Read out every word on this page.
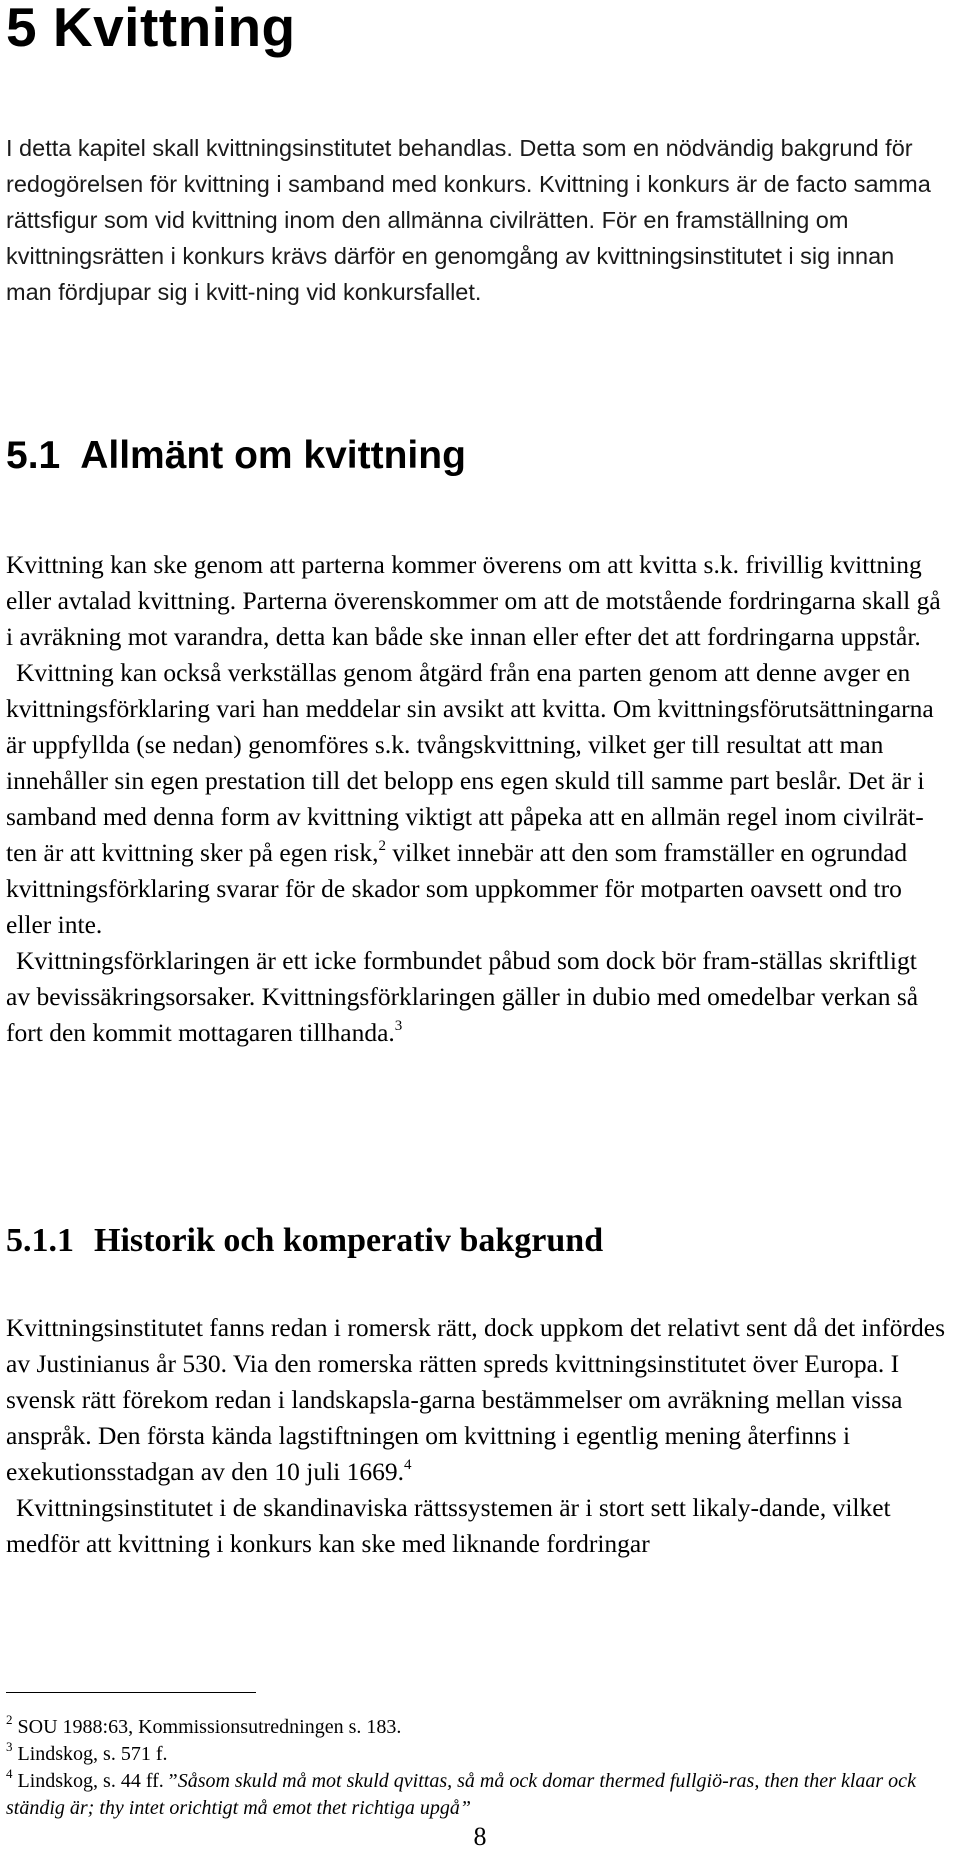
5 Kvittning

I detta kapitel skall kvittningsinstitutet behandlas. Detta som en nödvändig bakgrund för redogörelsen för kvittning i samband med konkurs. Kvittning i konkurs är de facto samma rättsfigur som vid kvittning inom den allmänna civilrätten. För en framställning om kvittningsrätten i konkurs krävs därför en genomgång av kvittningsinstitutet i sig innan man fördjupar sig i kvitt-ning vid konkursfallet.

5.1 Allmänt om kvittning

Kvittning kan ske genom att parterna kommer överens om att kvitta s.k. frivillig kvittning eller avtalad kvittning. Parterna överenskommer om att de motstående fordringarna skall gå i avräkning mot varandra, detta kan både ske innan eller efter det att fordringarna uppstår.

Kvittning kan också verkställas genom åtgärd från ena parten genom att denne avger en kvittningsförklaring vari han meddelar sin avsikt att kvitta. Om kvittningsförutsättningarna är uppfyllda (se nedan) genomföres s.k. tvångskvittning, vilket ger till resultat att man innehåller sin egen prestation till det belopp ens egen skuld till samme part beslår. Det är i samband med denna form av kvittning viktigt att påpeka att en allmän regel inom civilrät-ten är att kvittning sker på egen risk,$^2$ vilket innebär att den som framställer en ogrundad kvittningsförklaring svarar för de skador som uppkommer för motparten oavsett ond tro eller inte.

Kvittningsförklaringen är ett icke formbundet påbud som dock bör fram-ställas skriftligt av bevissäkringsorsaker. Kvittningsförklaringen gäller in dubio med omedelbar verkan så fort den kommit mottagaren tillhanda.$^3$

5.1.1 Historik och komperativ bakgrund

Kvittningsinstitutet fanns redan i romersk rätt, dock uppkom det relativt sent då det infördes av Justinianus år 530. Via den romerska rätten spreds kvittningsinstitutet över Europa. I svensk rätt förekom redan i landskapsla-garna bestämmelser om avräkning mellan vissa anspråk. Den första kända lagstiftningen om kvittning i egentlig mening återfinns i exekutionsstadgan av den 10 juli 1669.$^4$

Kvittningsinstitutet i de skandinaviska rättssystemen är i stort sett likaly-dande, vilket medför att kvittning i konkurs kan ske med liknande fordringar

$^2$ SOU 1988:63, Kommissionsutredningen s. 183.

$^3$ Lindskog, s. 571 f.

$^4$ Lindskog, s. 44 ff. ”Såsom skuld må mot skuld qvittas, så må ock domar thermed fullgiö-ras, then ther klaar ock ständig är; thy intet orichtigt må emot thet richtiga upgå”

8
